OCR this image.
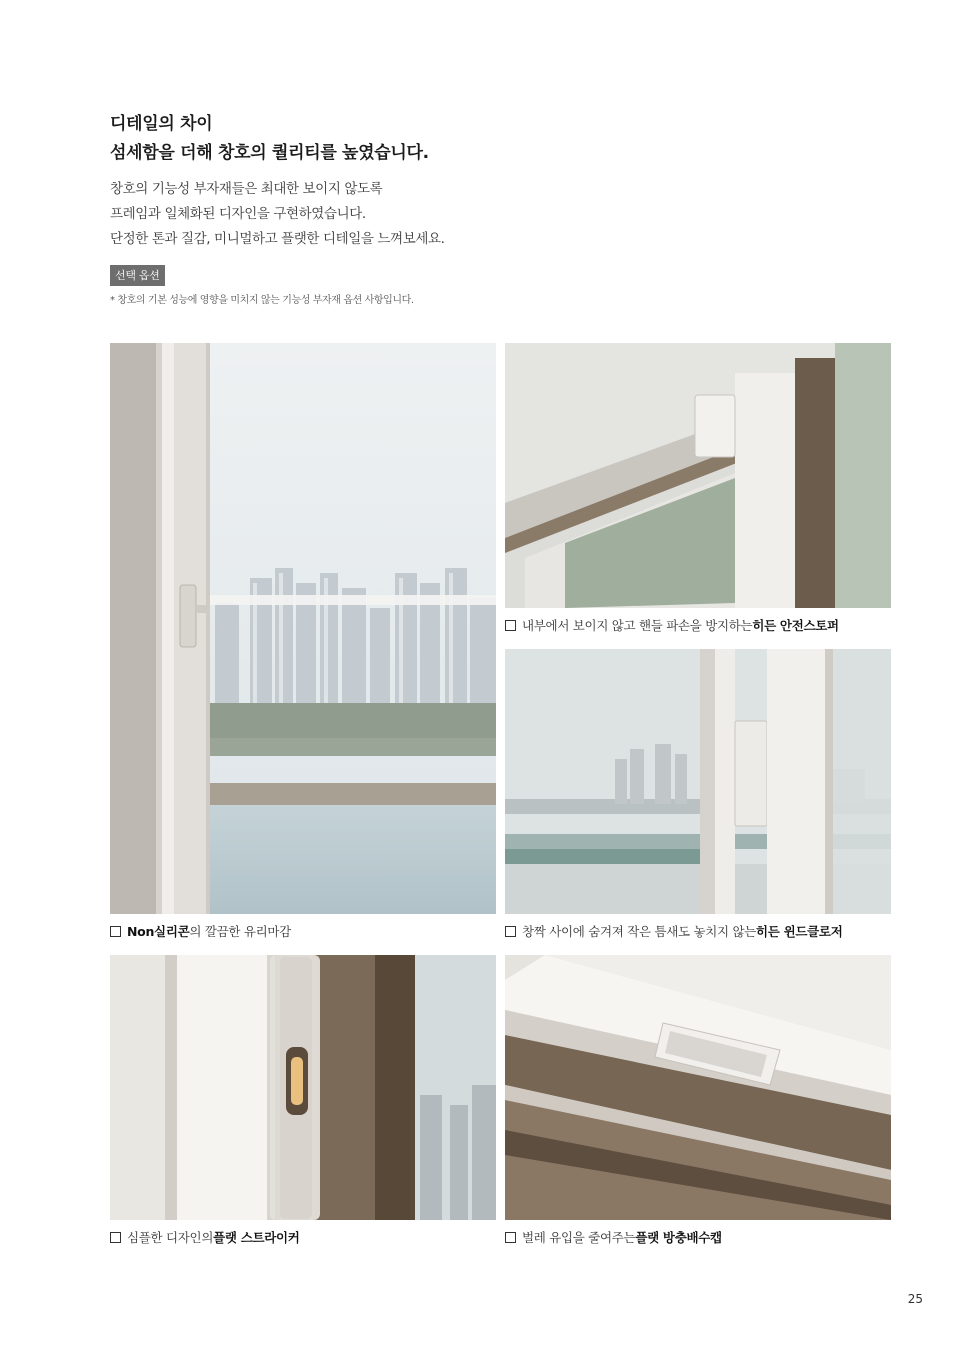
디테일의 차이
섬세함을 더해 창호의 퀄리티를 높였습니다.
창호의 기능성 부자재들은 최대한 보이지 않도록
프레임과 일체화된 디자인을 구현하였습니다.
단정한 톤과 질감, 미니멀하고 플랫한 디테일을 느껴보세요.
선택 옵션
* 창호의 기본 성능에 영향을 미치지 않는 기능성 부자재 옵션 사항입니다.
Non실리콘 의 깔끔한 유리마감
내부에서 보이지 않고 핸들 파손을 방지하는 히든 안전스토퍼
창짝 사이에 숨겨져 작은 틈새도 놓치지 않는 히든 윈드클로저
심플한 디자인의 플랫 스트라이커	벌레 유입을 줄여주는 플랫 방충배수캡
25
